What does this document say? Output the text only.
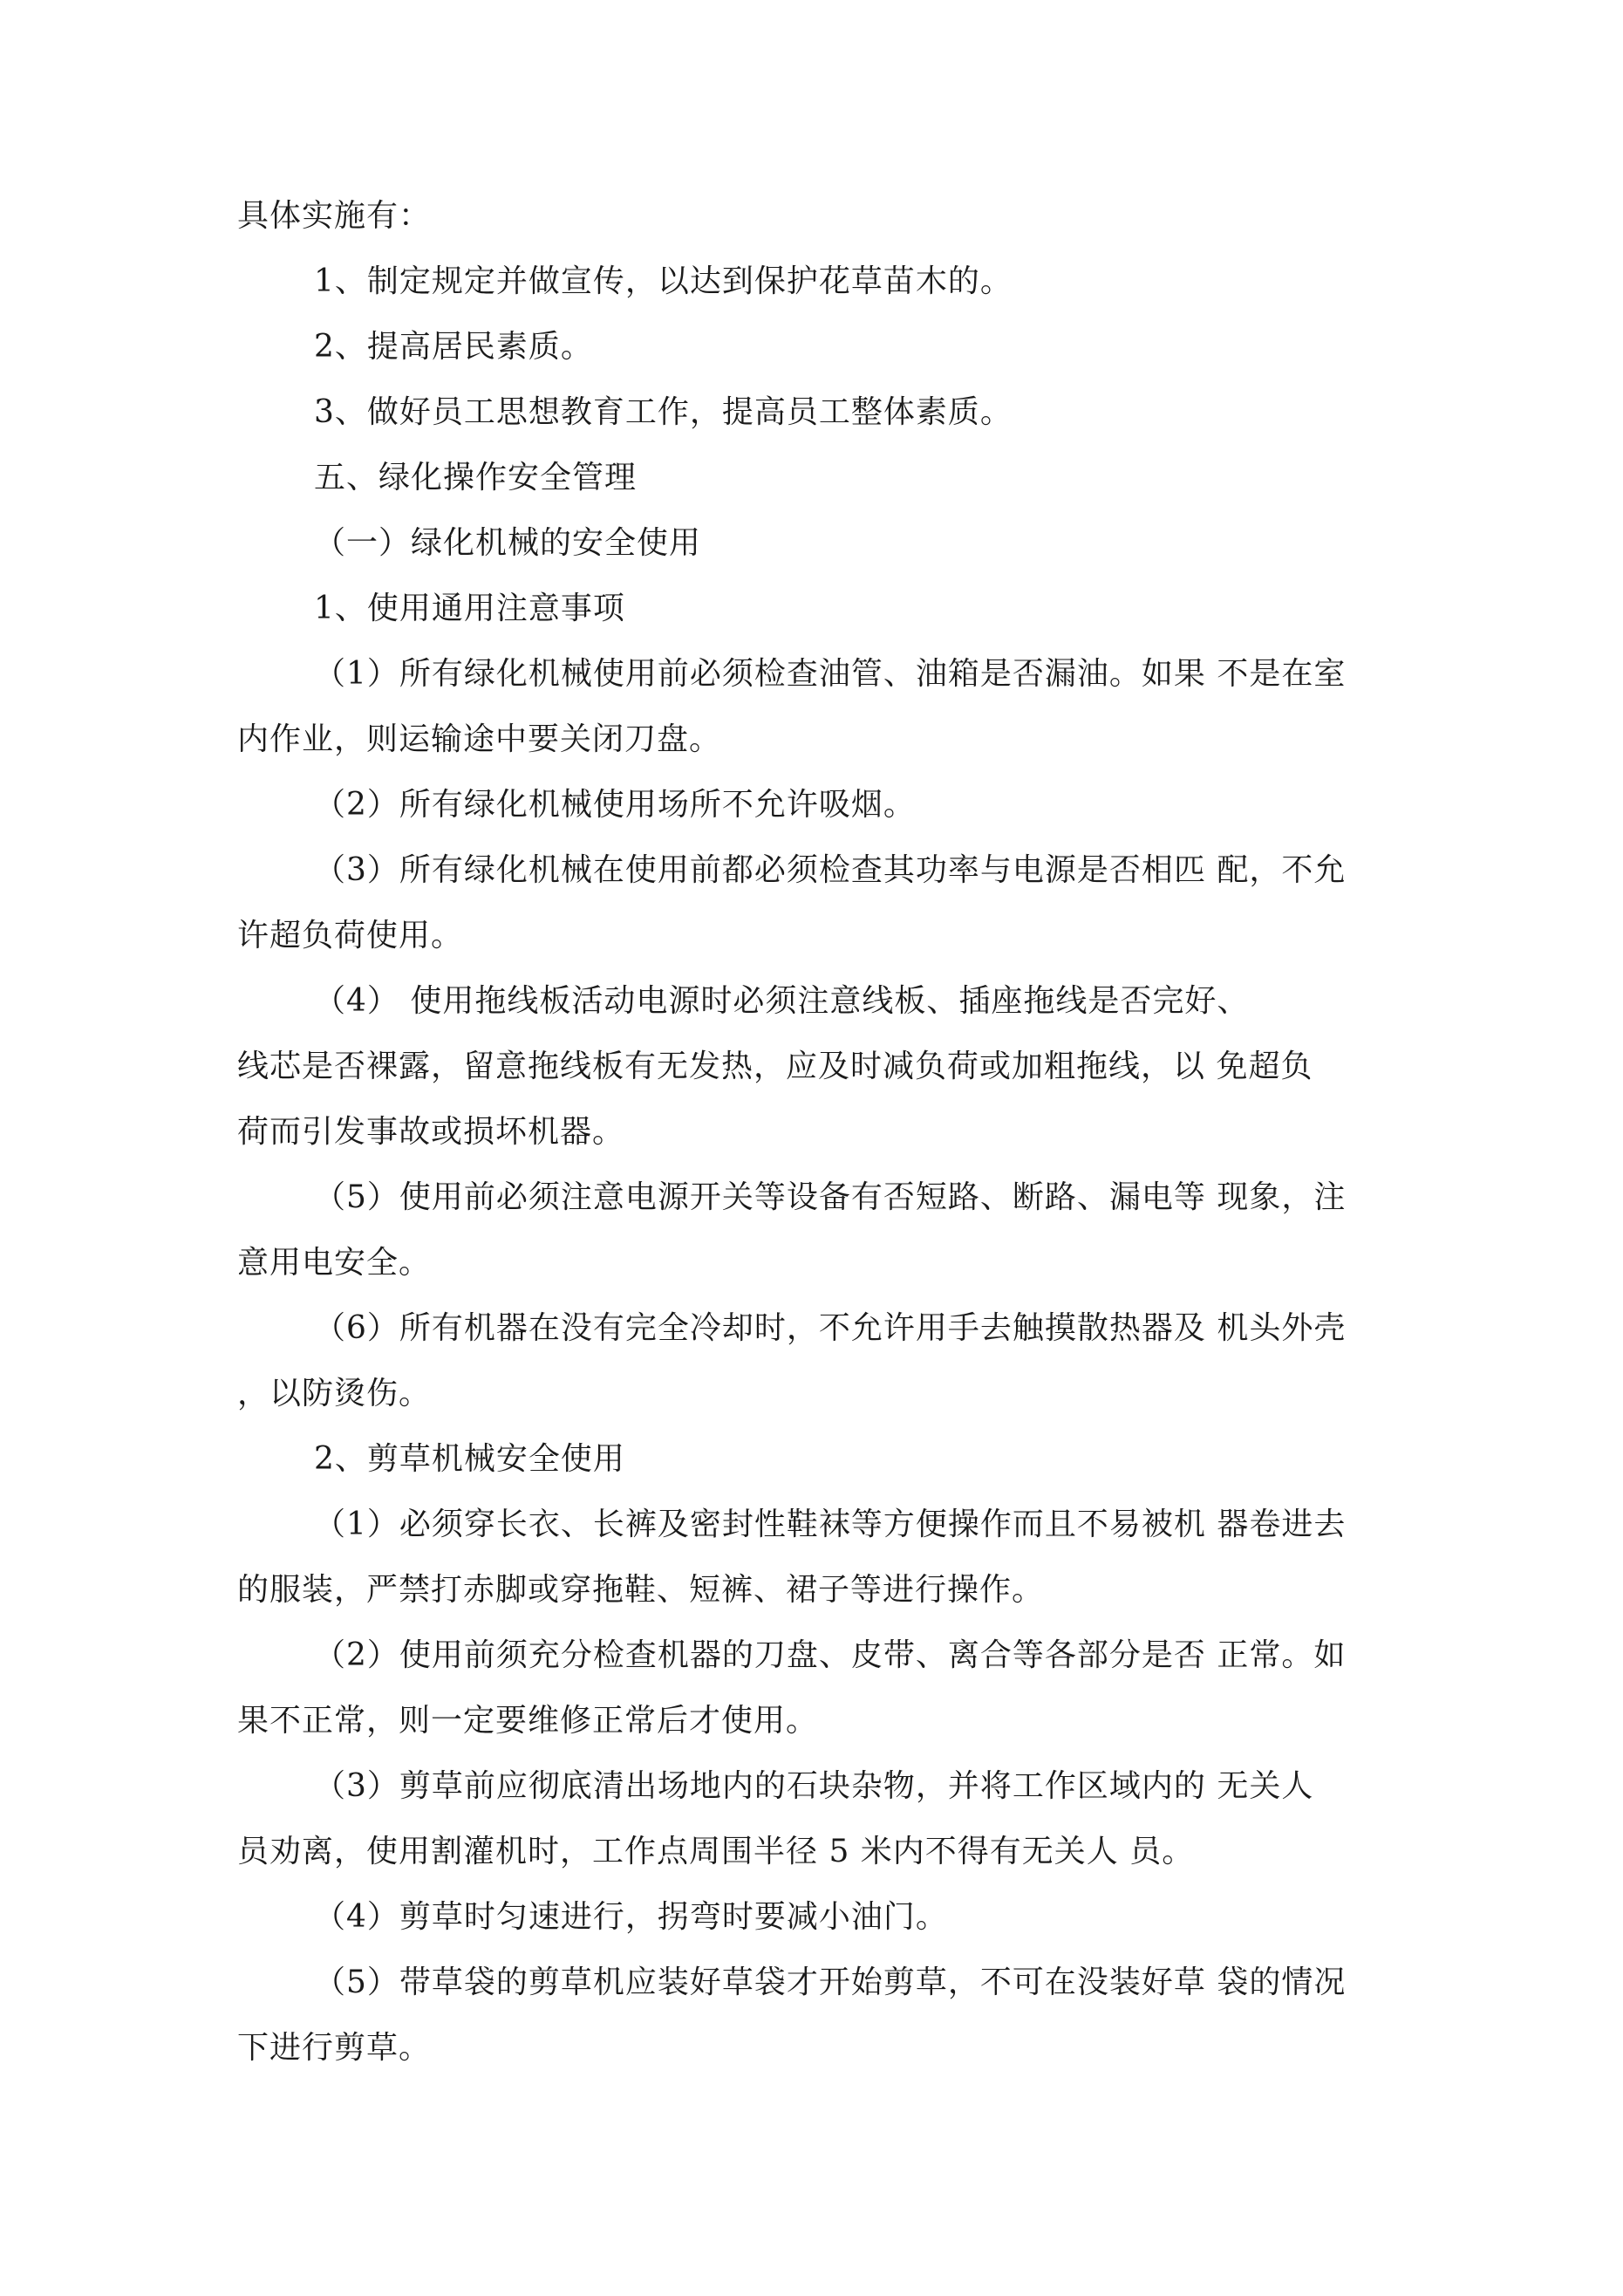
具体实施有：
1、制定规定并做宣传，以达到保护花草苗木的。
2、提高居民素质。
3、做好员工思想教育工作，提高员工整体素质。
五、绿化操作安全管理
（一）绿化机械的安全使用
1、使用通用注意事项
（1）所有绿化机械使用前必须检查油管、油箱是否漏油。如果 不是在室
内作业，则运输途中要关闭刀盘。
（2）所有绿化机械使用场所不允许吸烟。
（3）所有绿化机械在使用前都必须检查其功率与电源是否相匹 配，不允
许超负荷使用。
（4） 使用拖线板活动电源时必须注意线板、插座拖线是否完好、
线芯是否裸露，留意拖线板有无发热，应及时减负荷或加粗拖线，以 免超负
荷而引发事故或损坏机器。
（5）使用前必须注意电源开关等设备有否短路、断路、漏电等 现象，注
意用电安全。
（6）所有机器在没有完全冷却时，不允许用手去触摸散热器及 机头外壳
，以防烫伤。
2、剪草机械安全使用
（1）必须穿长衣、长裤及密封性鞋袜等方便操作而且不易被机 器卷进去
的服装，严禁打赤脚或穿拖鞋、短裤、裙子等进行操作。
（2）使用前须充分检查机器的刀盘、皮带、离合等各部分是否 正常。如
果不正常，则一定要维修正常后才使用。
（3）剪草前应彻底清出场地内的石块杂物，并将工作区域内的 无关人
员劝离，使用割灌机时，工作点周围半径 5 米内不得有无关人 员。
（4）剪草时匀速进行，拐弯时要减小油门。
（5）带草袋的剪草机应装好草袋才开始剪草，不可在没装好草 袋的情况
下进行剪草。
